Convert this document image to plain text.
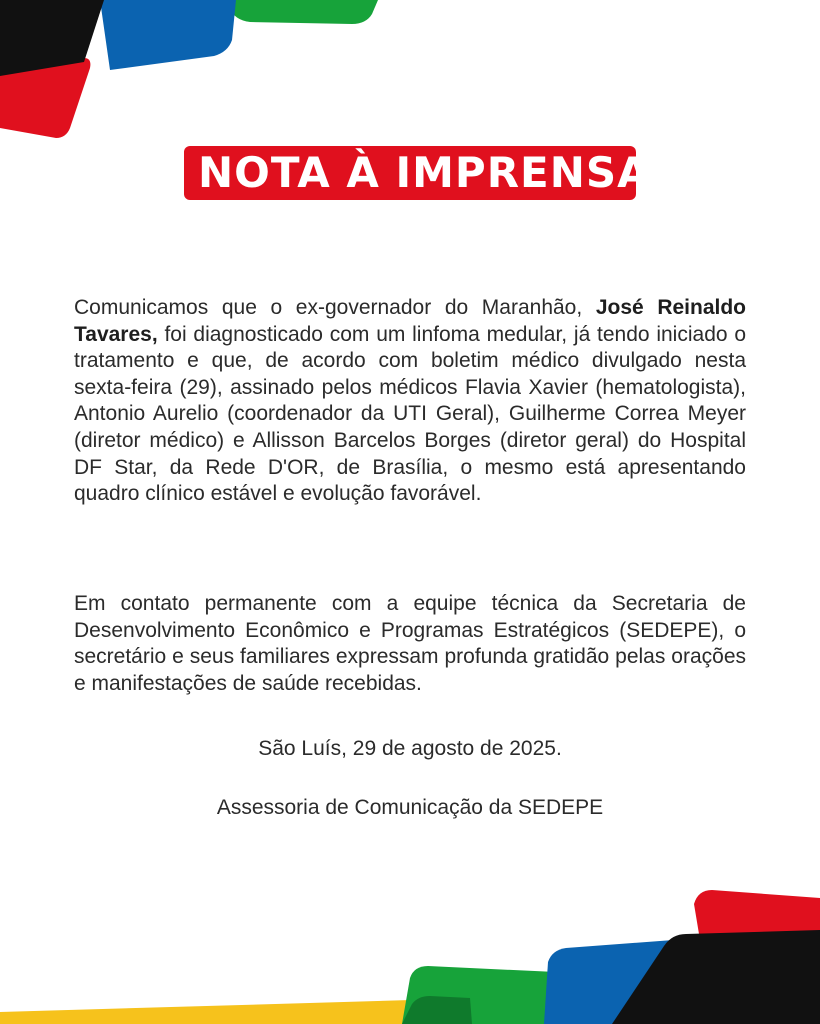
NOTA À IMPRENSA

Comunicamos que o ex-governador do Maranhão, José Reinaldo Tavares, foi diagnosticado com um linfoma medular, já tendo iniciado o tratamento e que, de acordo com boletim médico divulgado nesta sexta-feira (29), assinado pelos médicos Flavia Xavier (hematologista), Antonio Aurelio (coordenador da UTI Geral), Guilherme Correa Meyer (diretor médico) e Allisson Barcelos Borges (diretor geral) do Hospital DF Star, da Rede D'OR, de Brasília, o mesmo está apresentando quadro clínico estável e evolução favorável.

Em contato permanente com a equipe técnica da Secretaria de Desenvolvimento Econômico e Programas Estratégicos (SEDEPE), o secretário e seus familiares expressam profunda gratidão pelas orações e manifestações de saúde recebidas.

São Luís, 29 de agosto de 2025.

Assessoria de Comunicação da SEDEPE
